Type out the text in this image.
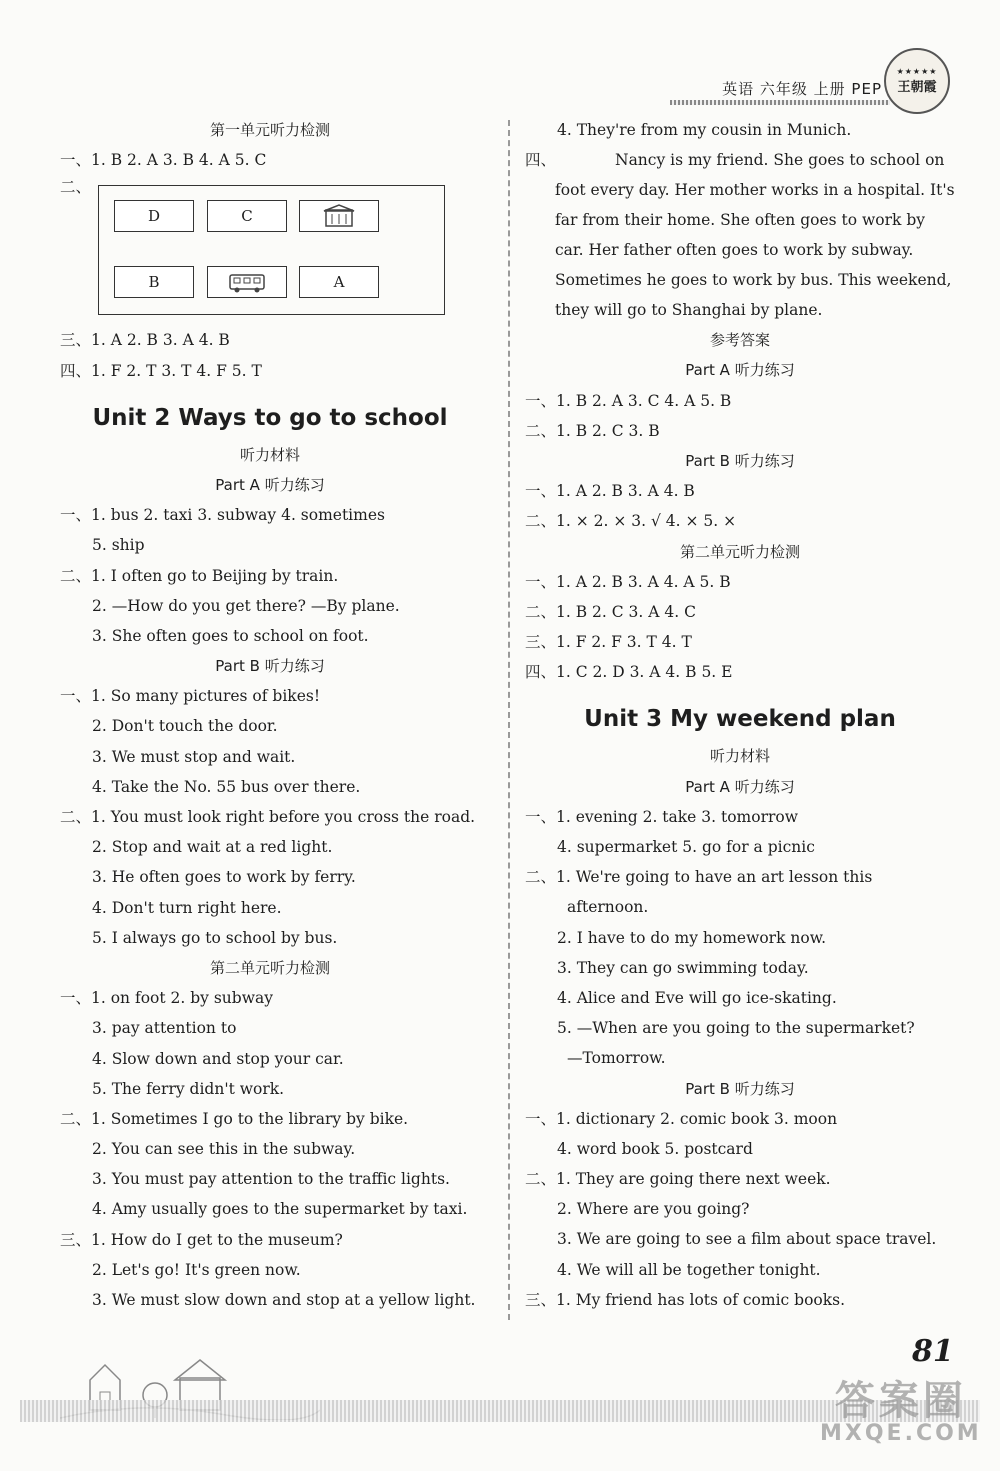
英语 六年级 上册 PEP
★★★★★
王朝霞
第一单元听力检测
一、1. B 2. A 3. B 4. A 5. C
二、
D	C
B	A
三、1. A 2. B 3. A 4. B
四、1. F 2. T 3. T 4. F 5. T
Unit 2 Ways to go to school
听力材料
Part A 听力练习
一、1. bus 2. taxi 3. subway 4. sometimes
5. ship
二、1. I often go to Beijing by train.
2. —How do you get there? —By plane.
3. She often goes to school on foot.
Part B 听力练习
一、1. So many pictures of bikes!
2. Don't touch the door.
3. We must stop and wait.
4. Take the No. 55 bus over there.
二、1. You must look right before you cross the road.
2. Stop and wait at a red light.
3. He often goes to work by ferry.
4. Don't turn right here.
5. I always go to school by bus.
第二单元听力检测
一、1. on foot 2. by subway
3. pay attention to
4. Slow down and stop your car.
5. The ferry didn't work.
二、1. Sometimes I go to the library by bike.
2. You can see this in the subway.
3. You must pay attention to the traffic lights.
4. Amy usually goes to the supermarket by taxi.
三、1. How do I get to the museum?
2. Let's go! It's green now.
3. We must slow down and stop at a yellow light.
4. They're from my cousin in Munich.

四、	Nancy is my friend. She goes to school on foot every day. Her mother works in a hospital. It's far from their home. She often goes to work by car. Her father often goes to work by subway. Sometimes he goes to work by bus. This weekend, they will go to Shanghai by plane.

参考答案
Part A 听力练习
一、1. B 2. A 3. C 4. A 5. B
二、1. B 2. C 3. B
Part B 听力练习
一、1. A 2. B 3. A 4. B
二、1. × 2. × 3. √ 4. × 5. ×
第二单元听力检测
一、1. A 2. B 3. A 4. A 5. B
二、1. B 2. C 3. A 4. C
三、1. F 2. F 3. T 4. T
四、1. C 2. D 3. A 4. B 5. E
Unit 3 My weekend plan
听力材料
Part A 听力练习
一、1. evening 2. take 3. tomorrow
4. supermarket 5. go for a picnic
二、1. We're going to have an art lesson this
afternoon.
2. I have to do my homework now.
3. They can go swimming today.
4. Alice and Eve will go ice-skating.
5. —When are you going to the supermarket?
—Tomorrow.
Part B 听力练习
一、1. dictionary 2. comic book 3. moon
4. word book 5. postcard
二、1. They are going there next week.
2. Where are you going?
3. We are going to see a film about space travel.
4. We will all be together tonight.
三、1. My friend has lots of comic books.
81
答案圈
MXQE.COM
